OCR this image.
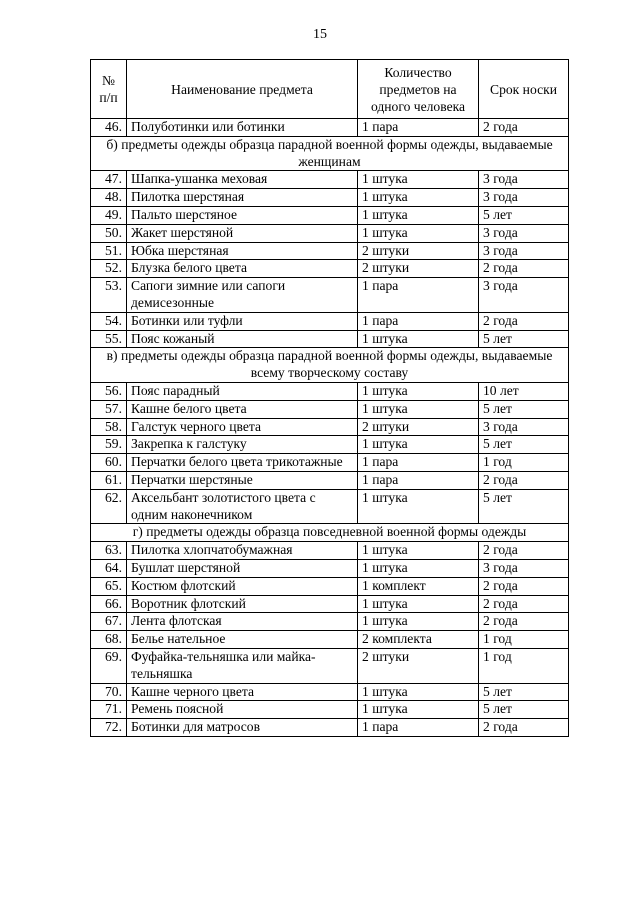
15
№ п/п	Наименование предмета	Количество предметов на одного человека	Срок носки
46.	Полуботинки или ботинки	1 пара	2 года
б) предметы одежды образца парадной военной формы одежды, выдаваемые женщинам			
47.	Шапка-ушанка меховая	1 штука	3 года
48.	Пилотка шерстяная	1 штука	3 года
49.	Пальто шерстяное	1 штука	5 лет
50.	Жакет шерстяной	1 штука	3 года
51.	Юбка шерстяная	2 штуки	3 года
52.	Блузка белого цвета	2 штуки	2 года
53.	Сапоги зимние или сапоги демисезонные	1 пара	3 года
54.	Ботинки или туфли	1 пара	2 года
55.	Пояс кожаный	1 штука	5 лет
в) предметы одежды образца парадной военной формы одежды, выдаваемые всему творческому составу			
56.	Пояс парадный	1 штука	10 лет
57.	Кашне белого цвета	1 штука	5 лет
58.	Галстук черного цвета	2 штуки	3 года
59.	Закрепка к галстуку	1 штука	5 лет
60.	Перчатки белого цвета трикотажные	1 пара	1 год
61.	Перчатки шерстяные	1 пара	2 года
62.	Аксельбант золотистого цвета с одним наконечником	1 штука	5 лет
г) предметы одежды образца повседневной военной формы одежды			
63.	Пилотка хлопчатобумажная	1 штука	2 года
64.	Бушлат шерстяной	1 штука	3 года
65.	Костюм флотский	1 комплект	2 года
66.	Воротник флотский	1 штука	2 года
67.	Лента флотская	1 штука	2 года
68.	Белье нательное	2 комплекта	1 год
69.	Фуфайка-тельняшка или майка-тельняшка	2 штуки	1 год
70.	Кашне черного цвета	1 штука	5 лет
71.	Ремень поясной	1 штука	5 лет
72.	Ботинки для матросов	1 пара	2 года
